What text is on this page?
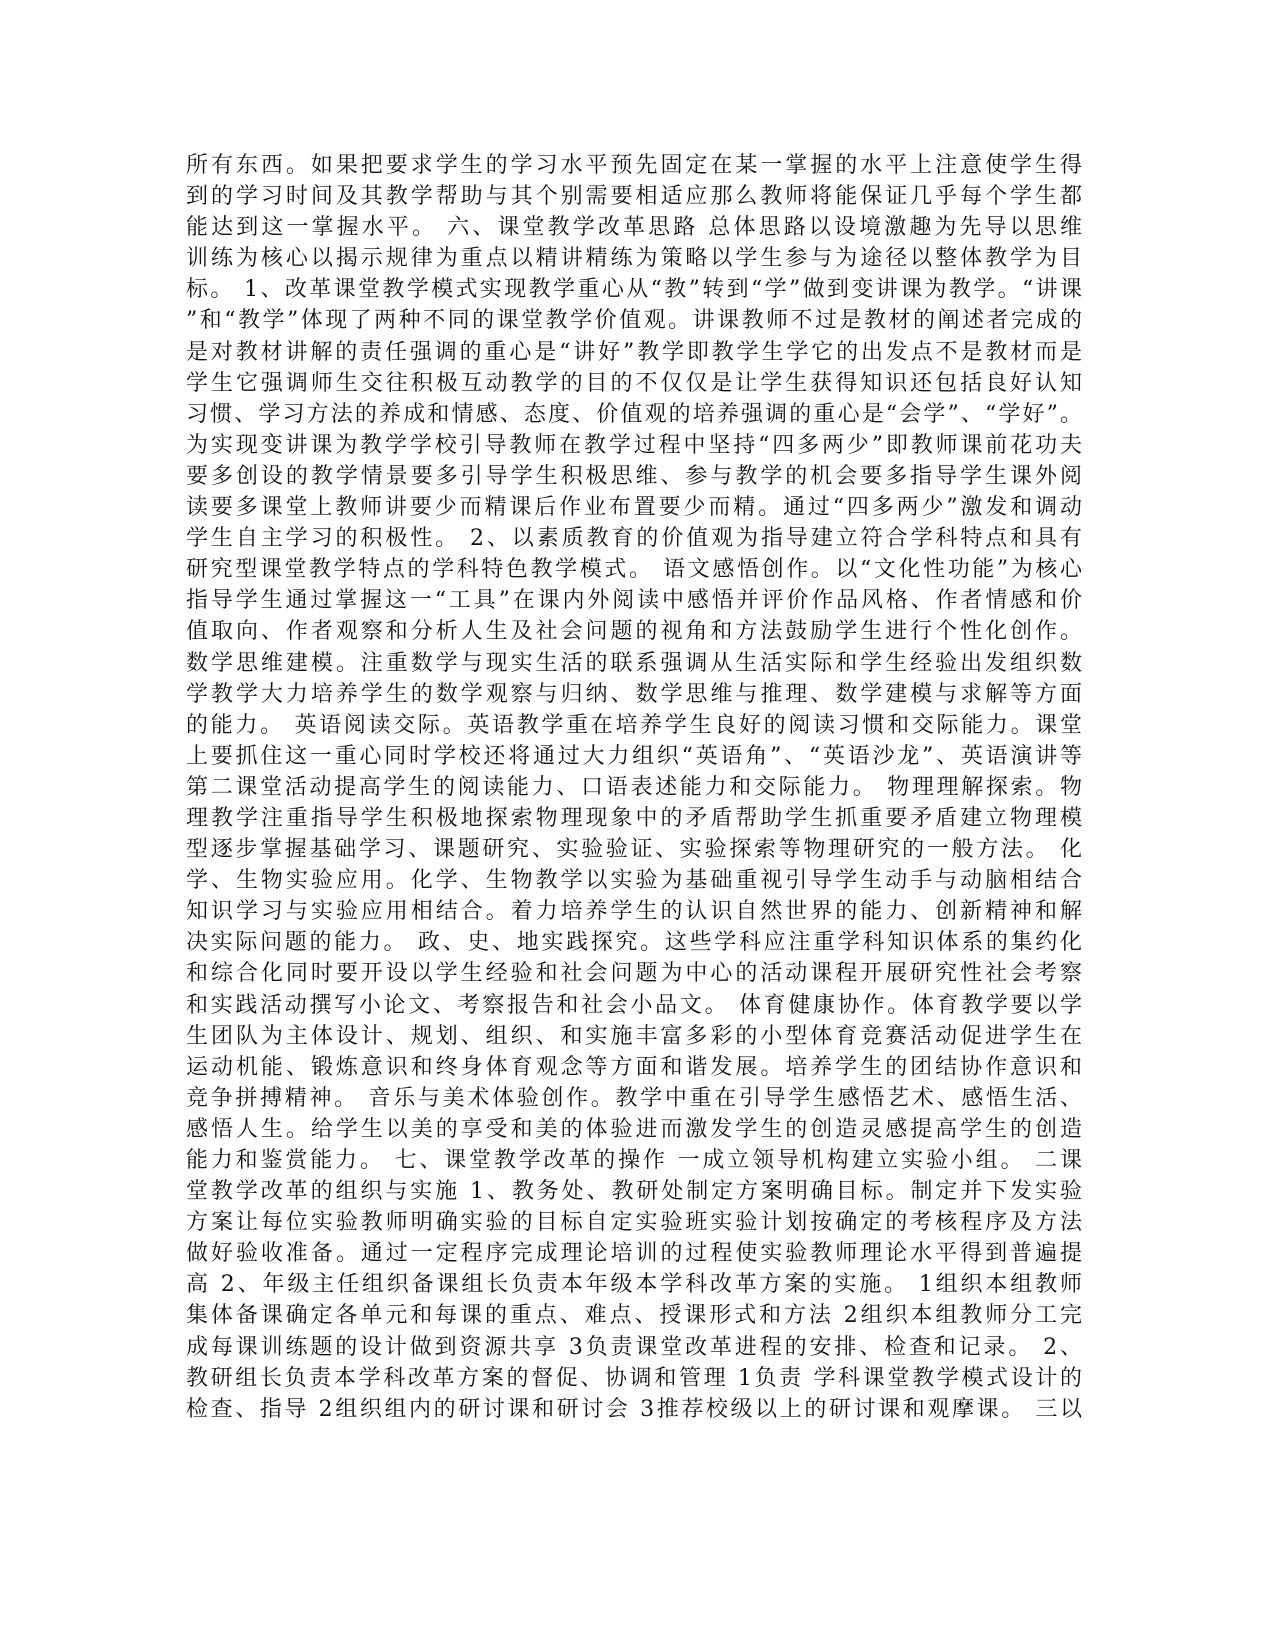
所有东西。如果把要求学生的学习水平预先固定在某一掌握的水平上注意使学生得
到的学习时间及其教学帮助与其个别需要相适应那么教师将能保证几乎每个学生都
能达到这一掌握水平。 六、课堂教学改革思路 总体思路以设境激趣为先导以思维
训练为核心以揭示规律为重点以精讲精练为策略以学生参与为途径以整体教学为目
标。 1、改革课堂教学模式实现教学重心从“教”转到“学”做到变讲课为教学。“讲课
”和“教学”体现了两种不同的课堂教学价值观。讲课教师不过是教材的阐述者完成的
是对教材讲解的责任强调的重心是“讲好”教学即教学生学它的出发点不是教材而是
学生它强调师生交往积极互动教学的目的不仅仅是让学生获得知识还包括良好认知
习惯、学习方法的养成和情感、态度、价值观的培养强调的重心是“会学”、“学好”。
为实现变讲课为教学学校引导教师在教学过程中坚持“四多两少”即教师课前花功夫
要多创设的教学情景要多引导学生积极思维、参与教学的机会要多指导学生课外阅
读要多课堂上教师讲要少而精课后作业布置要少而精。通过“四多两少”激发和调动
学生自主学习的积极性。 2、以素质教育的价值观为指导建立符合学科特点和具有
研究型课堂教学特点的学科特色教学模式。 语文感悟创作。以“文化性功能”为核心
指导学生通过掌握这一“工具”在课内外阅读中感悟并评价作品风格、作者情感和价
值取向、作者观察和分析人生及社会问题的视角和方法鼓励学生进行个性化创作。
数学思维建模。注重数学与现实生活的联系强调从生活实际和学生经验出发组织数
学教学大力培养学生的数学观察与归纳、数学思维与推理、数学建模与求解等方面
的能力。 英语阅读交际。英语教学重在培养学生良好的阅读习惯和交际能力。课堂
上要抓住这一重心同时学校还将通过大力组织“英语角”、“英语沙龙”、英语演讲等
第二课堂活动提高学生的阅读能力、口语表述能力和交际能力。 物理理解探索。物
理教学注重指导学生积极地探索物理现象中的矛盾帮助学生抓重要矛盾建立物理模
型逐步掌握基础学习、课题研究、实验验证、实验探索等物理研究的一般方法。 化
学、生物实验应用。化学、生物教学以实验为基础重视引导学生动手与动脑相结合
知识学习与实验应用相结合。着力培养学生的认识自然世界的能力、创新精神和解
决实际问题的能力。 政、史、地实践探究。这些学科应注重学科知识体系的集约化
和综合化同时要开设以学生经验和社会问题为中心的活动课程开展研究性社会考察
和实践活动撰写小论文、考察报告和社会小品文。 体育健康协作。体育教学要以学
生团队为主体设计、规划、组织、和实施丰富多彩的小型体育竞赛活动促进学生在
运动机能、锻炼意识和终身体育观念等方面和谐发展。培养学生的团结协作意识和
竞争拼搏精神。 音乐与美术体验创作。教学中重在引导学生感悟艺术、感悟生活、
感悟人生。给学生以美的享受和美的体验进而激发学生的创造灵感提高学生的创造
能力和鉴赏能力。 七、课堂教学改革的操作 一成立领导机构建立实验小组。 二课
堂教学改革的组织与实施 1、教务处、教研处制定方案明确目标。制定并下发实验
方案让每位实验教师明确实验的目标自定实验班实验计划按确定的考核程序及方法
做好验收准备。通过一定程序完成理论培训的过程使实验教师理论水平得到普遍提
高 2、年级主任组织备课组长负责本年级本学科改革方案的实施。 1组织本组教师
集体备课确定各单元和每课的重点、难点、授课形式和方法 2组织本组教师分工完
成每课训练题的设计做到资源共享 3负责课堂改革进程的安排、检查和记录。 2、
教研组长负责本学科改革方案的督促、协调和管理 1负责 学科课堂教学模式设计的
检查、指导 2组织组内的研讨课和研讨会 3推荐校级以上的研讨课和观摩课。 三以
